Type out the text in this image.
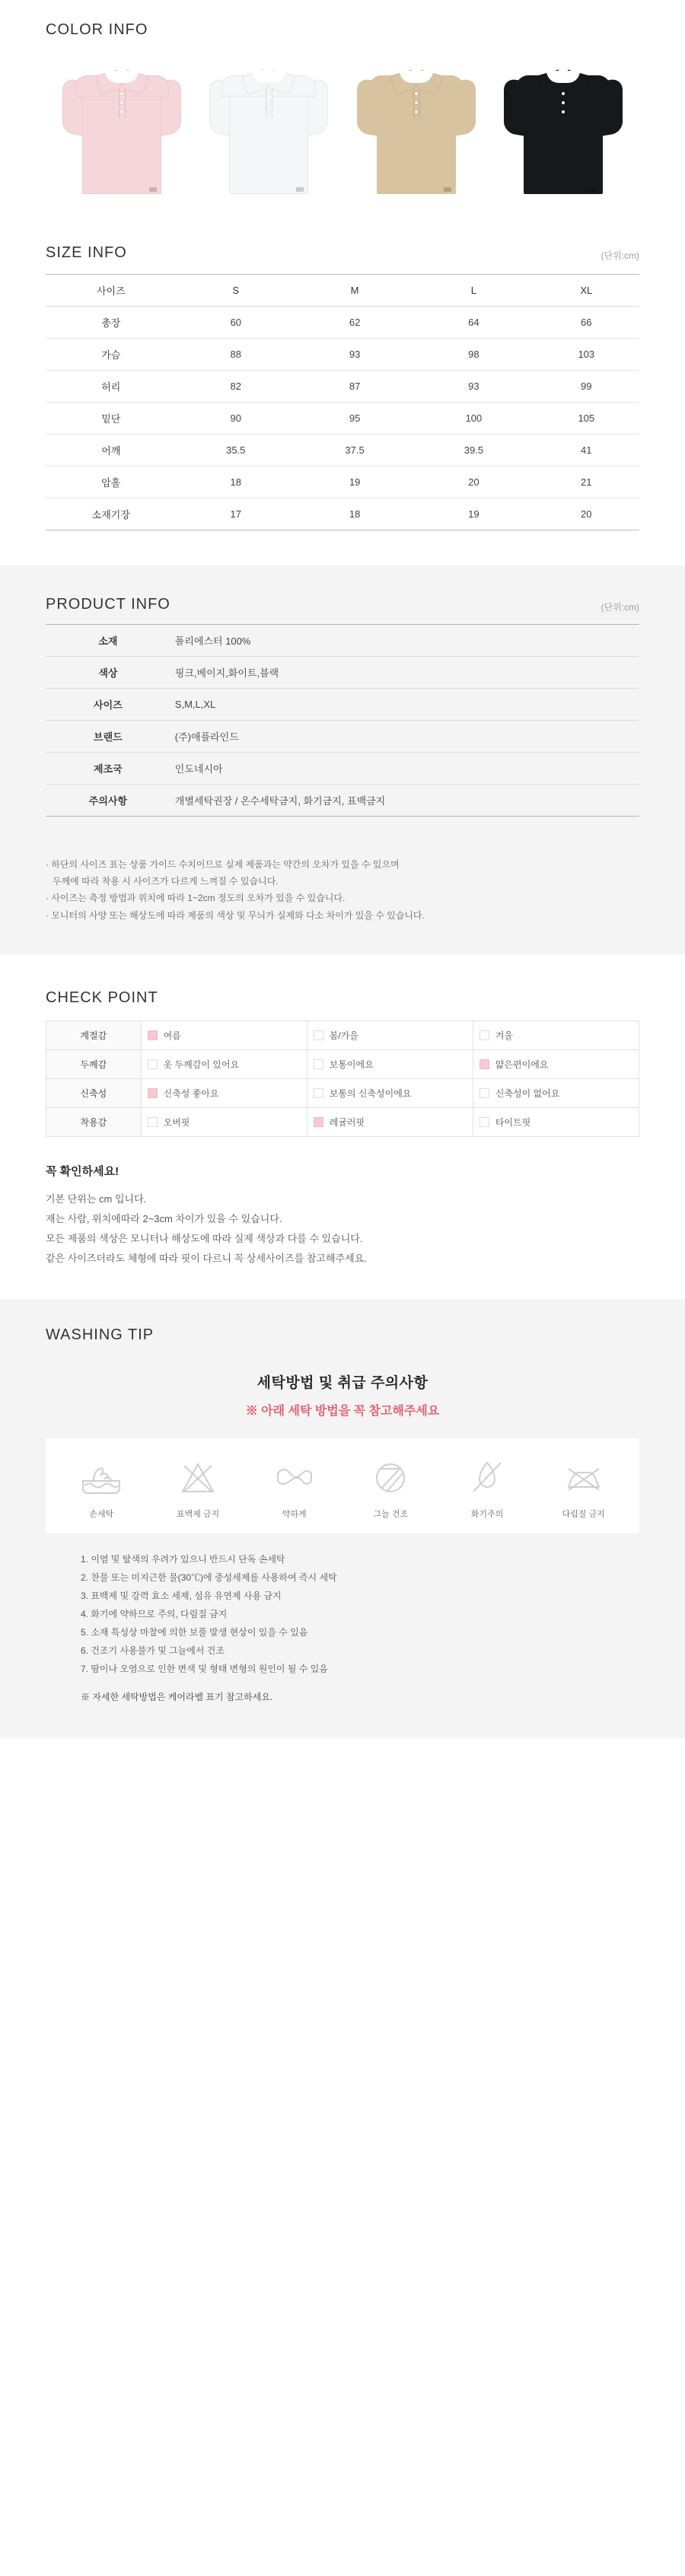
COLOR INFO
SIZE INFO	(단위:cm)
사이즈	S	M	L	XL
총장	60	62	64	66
가슴	88	93	98	103
허리	82	87	93	99
밑단	90	95	100	105
어깨	35.5	37.5	39.5	41
암홀	18	19	20	21
소재기장	17	18	19	20
PRODUCT INFO	(단위:cm)
소재	폴리에스터 100%
색상	핑크,베이지,화이트,블랙
사이즈	S,M,L,XL
브랜드	(주)애플라인드
제조국	인도네시아
주의사항	개별세탁권장 / 온수세탁금지, 화기금지, 표백금지
· 하단의 사이즈 표는 상품 가이드 수치이므로 실제 제품과는 약간의 오차가 있을 수 있으며
두께에 따라 착용 시 사이즈가 다르게 느껴질 수 있습니다.
· 사이즈는 측정 방법과 위치에 따라 1~2cm 정도의 오차가 있을 수 있습니다.
· 모니터의 사양 또는 해상도에 따라 제품의 색상 및 무늬가 실제와 다소 차이가 있을 수 있습니다.
CHECK POINT
계절감	여름	봄/가을	겨울

두께감	옷 두께감이 있어요	보통이에요	얇은편이에요

신축성	신축성 좋아요	보통의 신축성이에요	신축성이 없어요

착용감	오버핏	레귤러핏	타이트핏
꼭 확인하세요!

기본 단위는 cm 입니다.

재는 사람, 위치에따라 2~3cm 차이가 있을 수 있습니다.

모든 제품의 색상은 모니터나 해상도에 따라 실제 색상과 다를 수 있습니다.

같은 사이즈더라도 체형에 따라 핏이 다르니 꼭 상세사이즈를 참고해주세요.

WASHING TIP
세탁방법 및 취급 주의사항
※ 아래 세탁 방법을 꼭 참고해주세요
손세탁	표백제 금지	약하게	그늘 건조	화기주의	다림질 금지
1. 이염 및 탈색의 우려가 있으니 반드시 단독 손세탁
2. 찬물 또는 미지근한 물(30℃)에 중성세제를 사용하여 즉시 세탁
3. 표백제 및 강력 효소 세제, 섬유 유연제 사용 금지
4. 화기에 약하므로 주의, 다림질 금지
5. 소재 특성상 마찰에 의한 보풀 발생 현상이 있을 수 있음
6. 건조기 사용불가 및 그늘에서 건조
7. 땀이나 오염으로 인한 변색 및 형태 변형의 원인이 될 수 있음
※ 자세한 세탁방법은 케어라벨 표기 참고하세요.
